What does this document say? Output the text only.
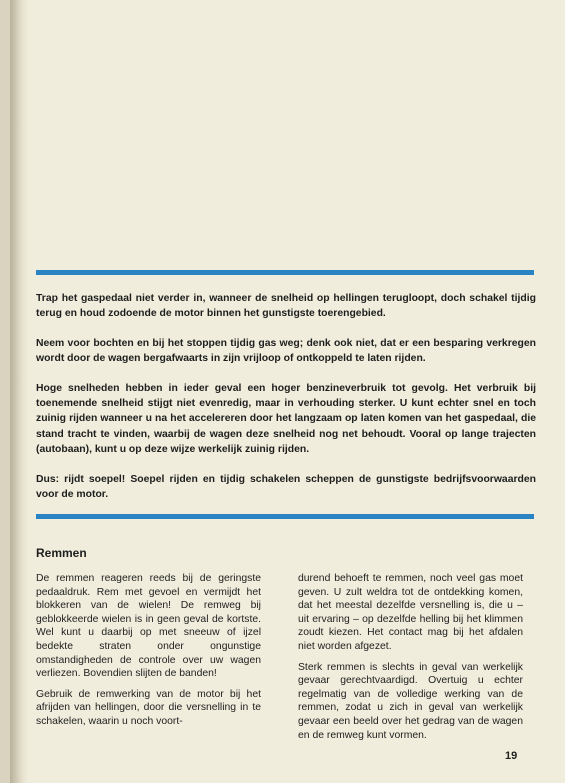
Trap het gaspedaal niet verder in, wanneer de snelheid op hellingen terugloopt, doch schakel tijdig terug en houd zodoende de motor binnen het gunstigste toerengebied.

Neem voor bochten en bij het stoppen tijdig gas weg; denk ook niet, dat er een besparing verkregen wordt door de wagen bergafwaarts in zijn vrijloop of ontkoppeld te laten rijden.

Hoge snelheden hebben in ieder geval een hoger benzineverbruik tot gevolg. Het verbruik bij toenemende snelheid stijgt niet evenredig, maar in verhouding sterker. U kunt echter snel en toch zuinig rijden wanneer u na het accelereren door het langzaam op laten komen van het gaspedaal, die stand tracht te vinden, waarbij de wagen deze snelheid nog net behoudt. Vooral op lange trajecten (autobaan), kunt u op deze wijze werkelijk zuinig rijden.

Dus: rijdt soepel! Soepel rijden en tijdig schakelen scheppen de gunstigste bedrijfsvoorwaarden voor de motor.

Remmen

De remmen reageren reeds bij de geringste pedaaldruk. Rem met gevoel en vermijdt het blokkeren van de wielen! De remweg bij geblokkeerde wielen is in geen geval de kortste. Wel kunt u daarbij op met sneeuw of ijzel bedekte straten onder ongunstige omstandigheden de controle over uw wagen verliezen. Bovendien slijten de banden!

Gebruik de remwerking van de motor bij het afrijden van hellingen, door die versnelling in te schakelen, waarin u noch voort-

durend behoeft te remmen, noch veel gas moet geven. U zult weldra tot de ontdekking komen, dat het meestal dezelfde versnelling is, die u – uit ervaring – op dezelfde helling bij het klimmen zoudt kiezen. Het contact mag bij het afdalen niet worden afgezet.

Sterk remmen is slechts in geval van werkelijk gevaar gerechtvaardigd. Overtuig u echter regelmatig van de volledige werking van de remmen, zodat u zich in geval van werkelijk gevaar een beeld over het gedrag van de wagen en de remweg kunt vormen.

19
